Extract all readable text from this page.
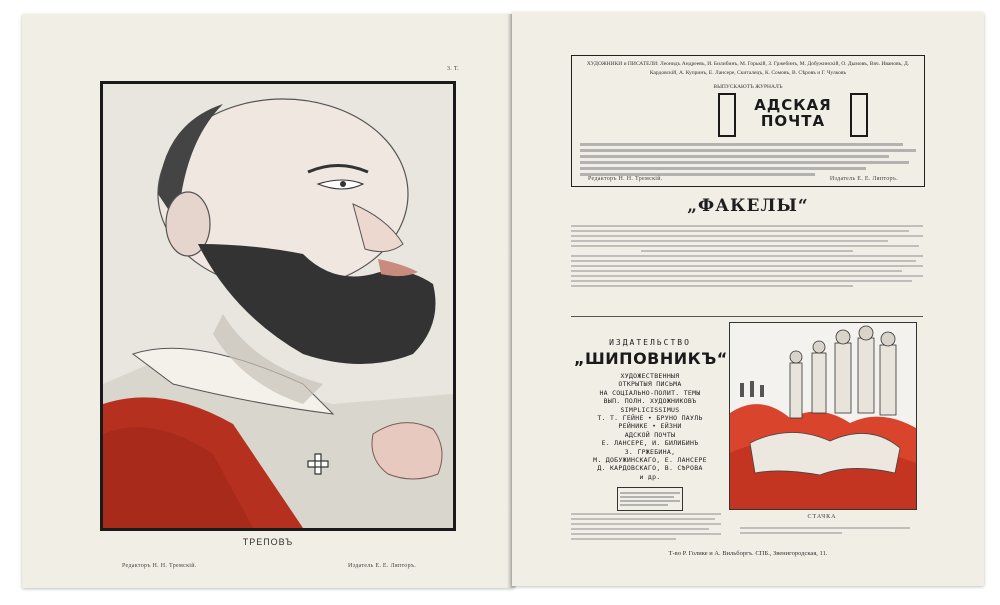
3. Т.
ТРЕПОВЪ
Редакторъ Н. Н. Тремскій.	Издатель Е. Е. Ляпторъ.
ХУДОЖНИКИ и ПИСАТЕЛИ: Леонидъ Андреевъ, И. Билибинъ, М. Горькій, З. Гржебинъ, М. Добужинскій, О. Дымовъ, Вяч. Ивановъ, Д. Кардовскій, А. Купринъ, Е. Лансере, Скиталецъ, К. Сомовъ, В. Сѣровъ и Г. Чулковъ
ВЫПУСКАЮТЪ ЖУРНАЛЪ
АДСКАЯ
ПОЧТА
Редакторъ Н. Н. Тремскій.	Издатель Е. Е. Ляпторъ.
„ФАКЕЛЫ“
ИЗДАТЕЛЬСТВО
„ШИПОВНИКЪ“
ХУДОЖЕСТВЕННЫЯ
ОТКРЫТЫЯ ПИСЬМА
НА СОЦІАЛЬНО-ПОЛИТ. ТЕМЫ
ВЫП. ПОЛН. ХУДОЖНИКОВЪ
SIMPLICISSIMUS
Т. Т. ГЕЙНЕ • БРУНО ПАУЛЬ
РЕЙНИКЕ • ЕЙЗНИ
АДСКОЙ ПОЧТЫ
Е. ЛАНСЕРЕ, И. БИЛИБИНЪ
З. ГРЖЕБИНА,
М. ДОБУЖИНСКАГО, Е. ЛАНСЕРЕ
Д. КАРДОВСКАГО, В. СѢРОВА
и др.
СТАЧКА
Т-во Р. Голике и А. Вильборгъ. СПБ., Звенигородская, 11.
